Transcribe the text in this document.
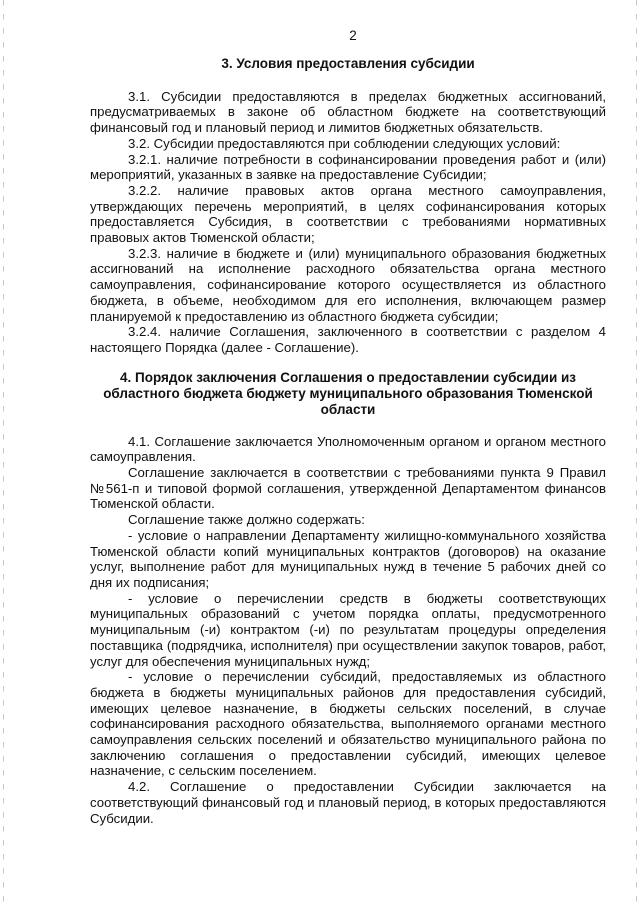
2

3. Условия предоставления субсидии

3.1. Субсидии предоставляются в пределах бюджетных ассигнований, предусматриваемых в законе об областном бюджете на соответствующий финансовый год и плановый период и лимитов бюджетных обязательств.

3.2. Субсидии предоставляются при соблюдении следующих условий:

3.2.1. наличие потребности в софинансировании проведения работ и (или) мероприятий, указанных в заявке на предоставление Субсидии;

3.2.2. наличие правовых актов органа местного самоуправления, утверждающих перечень мероприятий, в целях софинансирования которых предоставляется Субсидия, в соответствии с требованиями нормативных правовых актов Тюменской области;

3.2.3. наличие в бюджете и (или) муниципального образования бюджетных ассигнований на исполнение расходного обязательства органа местного самоуправления, софинансирование которого осуществляется из областного бюджета, в объеме, необходимом для его исполнения, включающем размер планируемой к предоставлению из областного бюджета субсидии;

3.2.4. наличие Соглашения, заключенного в соответствии с разделом 4 настоящего Порядка (далее - Соглашение).

4. Порядок заключения Соглашения о предоставлении субсидии из областного бюджета бюджету муниципального образования Тюменской области

4.1. Соглашение заключается Уполномоченным органом и органом местного самоуправления.

Соглашение заключается в соответствии с требованиями пункта 9 Правил №561-п и типовой формой соглашения, утвержденной Департаментом финансов Тюменской области.

Соглашение также должно содержать:

- условие о направлении Департаменту жилищно-коммунального хозяйства Тюменской области копий муниципальных контрактов (договоров) на оказание услуг, выполнение работ для муниципальных нужд в течение 5 рабочих дней со дня их подписания;

- условие о перечислении средств в бюджеты соответствующих муниципальных образований с учетом порядка оплаты, предусмотренного муниципальным (-и) контрактом (-и) по результатам процедуры определения поставщика (подрядчика, исполнителя) при осуществлении закупок товаров, работ, услуг для обеспечения муниципальных нужд;

- условие о перечислении субсидий, предоставляемых из областного бюджета в бюджеты муниципальных районов для предоставления субсидий, имеющих целевое назначение, в бюджеты сельских поселений, в случае софинансирования расходного обязательства, выполняемого органами местного самоуправления сельских поселений и обязательство муниципального района по заключению соглашения о предоставлении субсидий, имеющих целевое назначение, с сельским поселением.

4.2. Соглашение о предоставлении Субсидии заключается на соответствующий финансовый год и плановый период, в которых предоставляются Субсидии.
